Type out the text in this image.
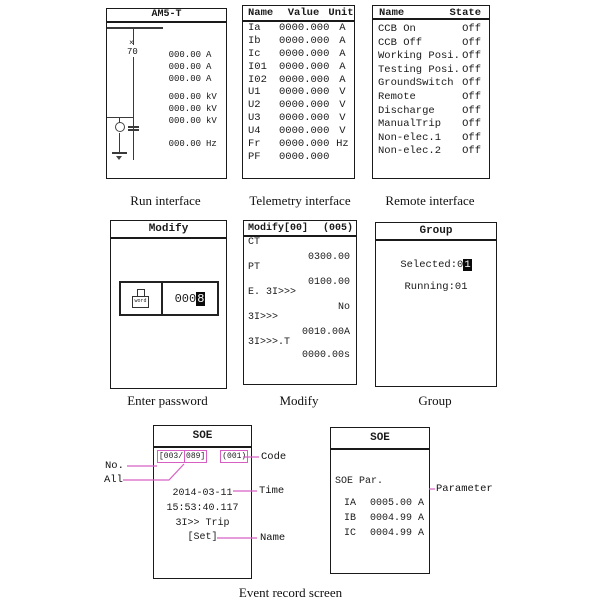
AM5-T
×
70	000.00 A
000.00 A
000.00 A
000.00 kV
000.00 kV
000.00 kV
000.00 Hz
Run interface
Name	Value Unit
Ia	0000.000 A
Ib	0000.000 A
Ic	0000.000 A
I01	0000.000 A
I02	0000.000 A
U1	0000.000 V
U2	0000.000 V
U3	0000.000 V
U4	0000.000 V
Fr	0000.000 Hz
PF	0000.000
Telemetry interface
Name	State
CCB On	Off
CCB Off	Off
Working Posi. Off
Testing Posi. Off
GroundSwitch Off
Remote	Off
Discharge	Off
ManualTrip Off
Non-elec.1 Off
Non-elec.2 Off
Remote interface
Modify
word 000 8
Enter password
Modify[00] (005)
CT
0300.00
PT
0100.00
E. 3I>>>
No
3I>>>
0010.00A
3I>>>.T
0000.00s
Modify
Group
Selected:01
Running:01
Group
SOE
[003/ 089] (001)
2014-03-11
15:53:40.117
3I>> Trip
[Set]
SOE
SOE Par.
IA 0005.00 A
IB 0004.99 A
IC 0004.99 A
Event record screen
No.
All
Code
Time
Name
Parameter
